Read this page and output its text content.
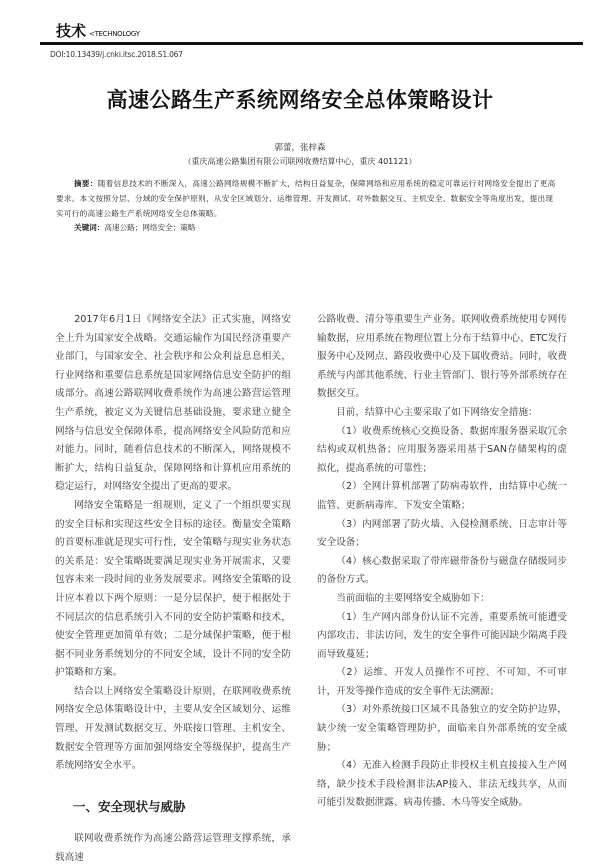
技术 <TECHNOLOGY
DOI:10.13439/j.cnki.itsc.2018.S1.067
高速公路生产系统网络安全总体策略设计
郭蕾，张梓森
（重庆高速公路集团有限公司联网收费结算中心，重庆 401121）
摘要：随着信息技术的不断深入，高速公路网络规模不断扩大，结构日益复杂，保障网络和应用系统的稳定可靠运行对网络安全提出了更高要求。本文按照分层、分域的安全保护原则，从安全区域划分、运维管理、开发测试、对外数据交互、主机安全、数据安全等角度出发，提出现实可行的高速公路生产系统网络安全总体策略。
关键词：高速公路；网络安全；策略

2017年6月1日《网络安全法》正式实施，网络安全上升为国家安全战略。交通运输作为国民经济重要产业部门，与国家安全、社会秩序和公众利益息息相关，行业网络和重要信息系统是国家网络信息安全防护的组成部分。高速公路联网收费系统作为高速公路营运管理生产系统，被定义为关键信息基础设施，要求建立健全网络与信息安全保障体系，提高网络安全风险防范和应对能力。同时，随着信息技术的不断深入，网络规模不断扩大，结构日益复杂，保障网络和计算机应用系统的稳定运行，对网络安全提出了更高的要求。

网络安全策略是一组规则，定义了一个组织要实现的安全目标和实现这些安全目标的途径。衡量安全策略的首要标准就是现实可行性，安全策略与现实业务状态的关系是：安全策略既要满足现实业务开展需求，又要包容未来一段时间的业务发展要求。网络安全策略的设计应本着以下两个原则：一是分层保护，便于根据处于不同层次的信息系统引入不同的安全防护策略和技术，使安全管理更加简单有效；二是分域保护策略，便于根据不同业务系统划分的不同安全域，设计不同的安全防护策略和方案。

结合以上网络安全策略设计原则，在联网收费系统网络安全总体策略设计中，主要从安全区域划分、运维管理、开发测试数据交互、外联接口管理、主机安全、数据安全管理等方面加强网络安全等级保护，提高生产系统网络安全水平。

一、安全现状与威胁

联网收费系统作为高速公路营运管理支撑系统，承载高速

公路收费、清分等重要生产业务。联网收费系统使用专网传输数据，应用系统在物理位置上分布于结算中心、ETC发行服务中心及网点、路段收费中心及下属收费站。同时，收费系统与内部其他系统、行业主管部门、银行等外部系统存在数据交互。

目前，结算中心主要采取了如下网络安全措施：

（1）收费系统核心交换设备、数据库服务器采取冗余结构或双机热备；应用服务器采用基于SAN存储架构的虚拟化，提高系统的可靠性；

（2）全网计算机部署了防病毒软件，由结算中心统一监管、更新病毒库、下发安全策略；

（3）内网部署了防火墙、入侵检测系统、日志审计等安全设备；

（4）核心数据采取了带库磁带备份与磁盘存储级同步的备份方式。

当前面临的主要网络安全威胁如下：

（1）生产网内部身份认证不完善，重要系统可能遭受内部攻击、非法访问，发生的安全事件可能因缺少隔离手段而导致蔓延；

（2）运维、开发人员操作不可控、不可知、不可审计，开发等操作造成的安全事件无法溯源；

（3）对外系统接口区域不具备独立的安全防护边界，缺少统一安全策略管理防护，面临来自外部系统的安全威胁；

（4）无准入检测手段防止非授权主机直接接入生产网络，缺少技术手段检测非法AP接入、非法无线共享，从而可能引发数据泄露、病毒传播、木马等安全威胁。
